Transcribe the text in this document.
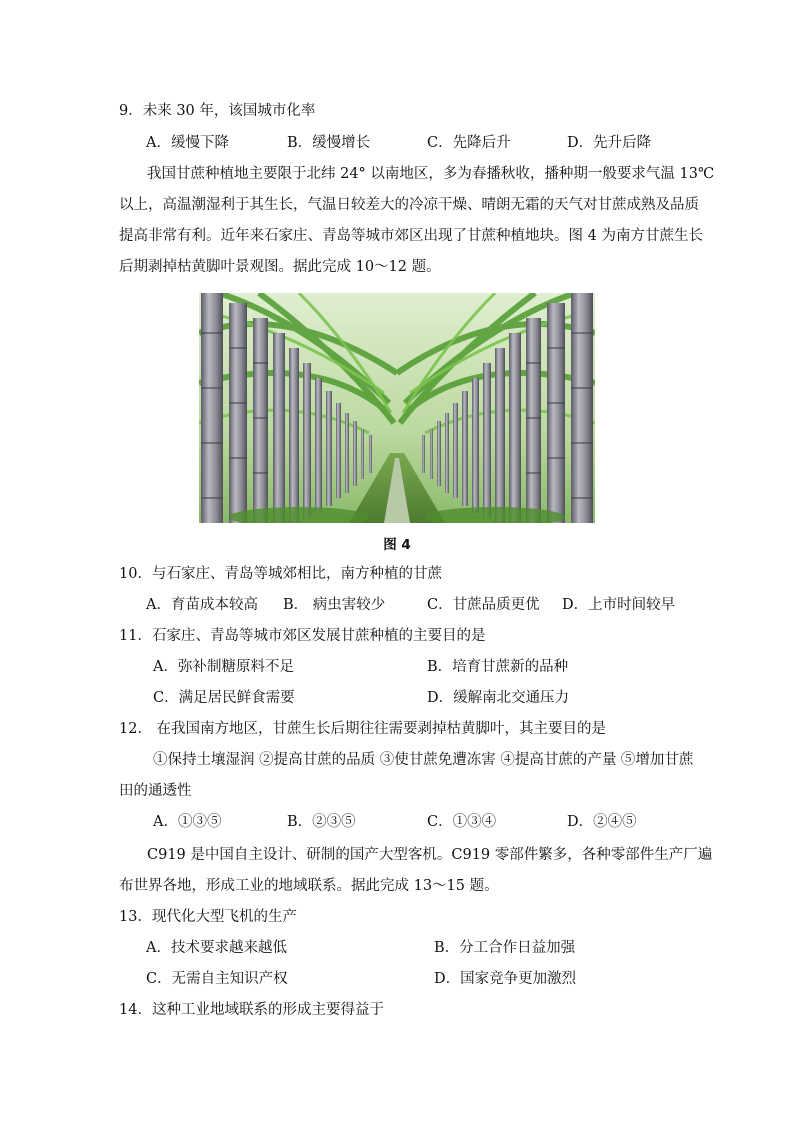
9．未来 30 年，该国城市化率
A．缓慢下降	B．缓慢增长	C．先降后升	D．先升后降
我国甘蔗种植地主要限于北纬 24° 以南地区，多为春播秋收，播种期一般要求气温 13℃
以上，高温潮湿利于其生长，气温日较差大的冷凉干燥、晴朗无霜的天气对甘蔗成熟及品质
提高非常有利。近年来石家庄、青岛等城市郊区出现了甘蔗种植地块。图 4 为南方甘蔗生长
后期剥掉枯黄脚叶景观图。据此完成 10～12 题。
图 4
10．与石家庄、青岛等城郊相比，南方种植的甘蔗
A．育苗成本较高 B． 病虫害较少	C．甘蔗品质更优 D．上市时间较早
11．石家庄、青岛等城市郊区发展甘蔗种植的主要目的是
A．弥补制糖原料不足	B．培育甘蔗新的品种
C．满足居民鲜食需要	D．缓解南北交通压力
12． 在我国南方地区，甘蔗生长后期往往需要剥掉枯黄脚叶，其主要目的是
①保持土壤湿润 ②提高甘蔗的品质 ③使甘蔗免遭冻害 ④提高甘蔗的产量 ⑤增加甘蔗
田的通透性
A．①③⑤	B．②③⑤	C．①③④	D．②④⑤
C919 是中国自主设计、研制的国产大型客机。C919 零部件繁多，各种零部件生产厂遍
布世界各地，形成工业的地域联系。据此完成 13～15 题。
13．现代化大型飞机的生产
A．技术要求越来越低	B．分工合作日益加强
C．无需自主知识产权	D．国家竞争更加激烈
14．这种工业地域联系的形成主要得益于
